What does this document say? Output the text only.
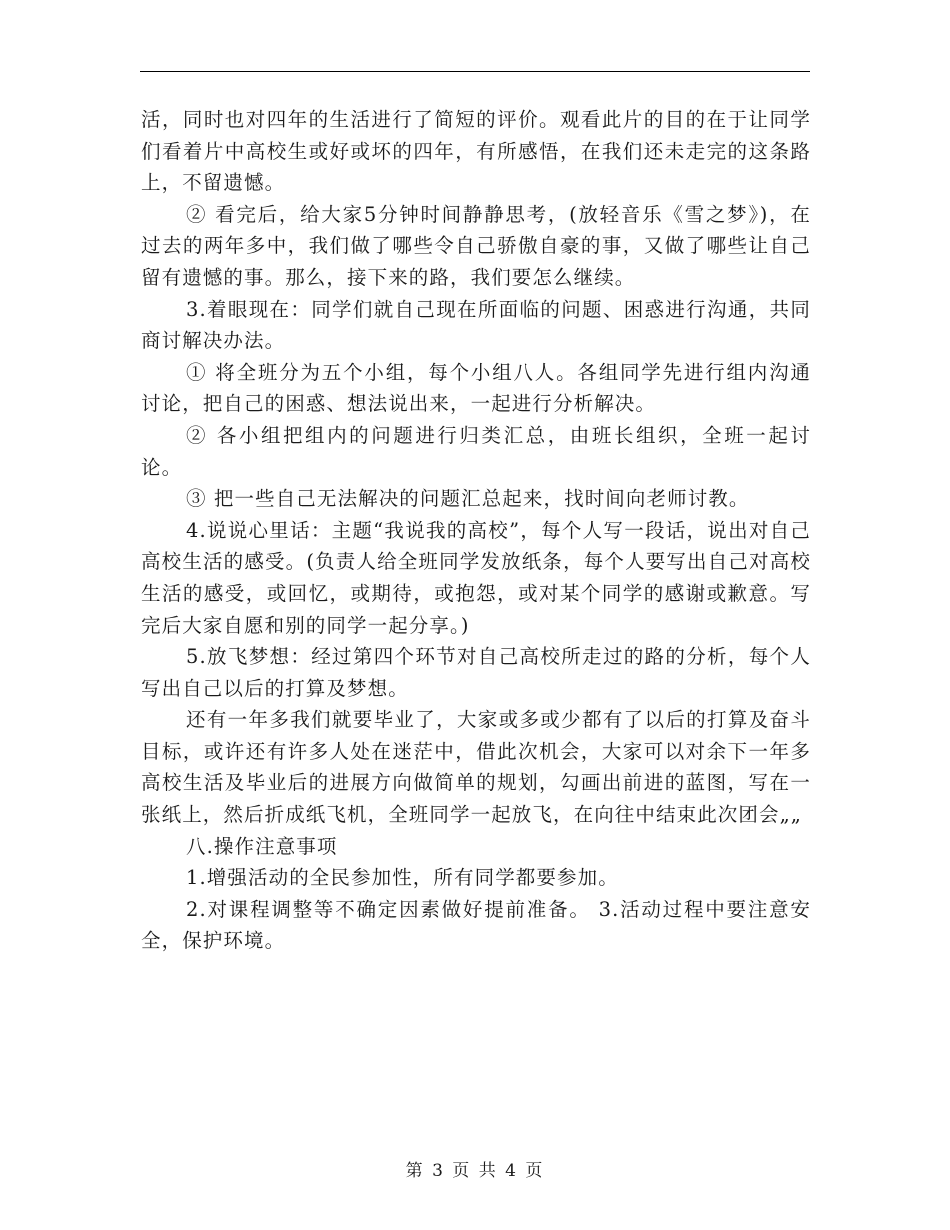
活，同时也对四年的生活进行了简短的评价。观看此片的目的在于让同学们看着片中高校生或好或坏的四年，有所感悟，在我们还未走完的这条路上，不留遗憾。

② 看完后，给大家5分钟时间静静思考，(放轻音乐《雪之梦》)，在过去的两年多中，我们做了哪些令自己骄傲自豪的事，又做了哪些让自己留有遗憾的事。那么，接下来的路，我们要怎么继续。

3.着眼现在：同学们就自己现在所面临的问题、困惑进行沟通，共同商讨解决办法。

① 将全班分为五个小组，每个小组八人。各组同学先进行组内沟通讨论，把自己的困惑、想法说出来，一起进行分析解决。

② 各小组把组内的问题进行归类汇总，由班长组织，全班一起讨论。

③ 把一些自己无法解决的问题汇总起来，找时间向老师讨教。

4.说说心里话：主题“我说我的高校”，每个人写一段话，说出对自己高校生活的感受。(负责人给全班同学发放纸条，每个人要写出自己对高校生活的感受，或回忆，或期待，或抱怨，或对某个同学的感谢或歉意。写完后大家自愿和别的同学一起分享。)

5.放飞梦想：经过第四个环节对自己高校所走过的路的分析，每个人写出自己以后的打算及梦想。

还有一年多我们就要毕业了，大家或多或少都有了以后的打算及奋斗目标，或许还有许多人处在迷茫中，借此次机会，大家可以对余下一年多高校生活及毕业后的进展方向做简单的规划，勾画出前进的蓝图，写在一张纸上，然后折成纸飞机，全班同学一起放飞，在向往中结束此次团会„„

八.操作注意事项

1.增强活动的全民参加性，所有同学都要参加。

2.对课程调整等不确定因素做好提前准备。 3.活动过程中要注意安全，保护环境。

第 3 页 共 4 页
